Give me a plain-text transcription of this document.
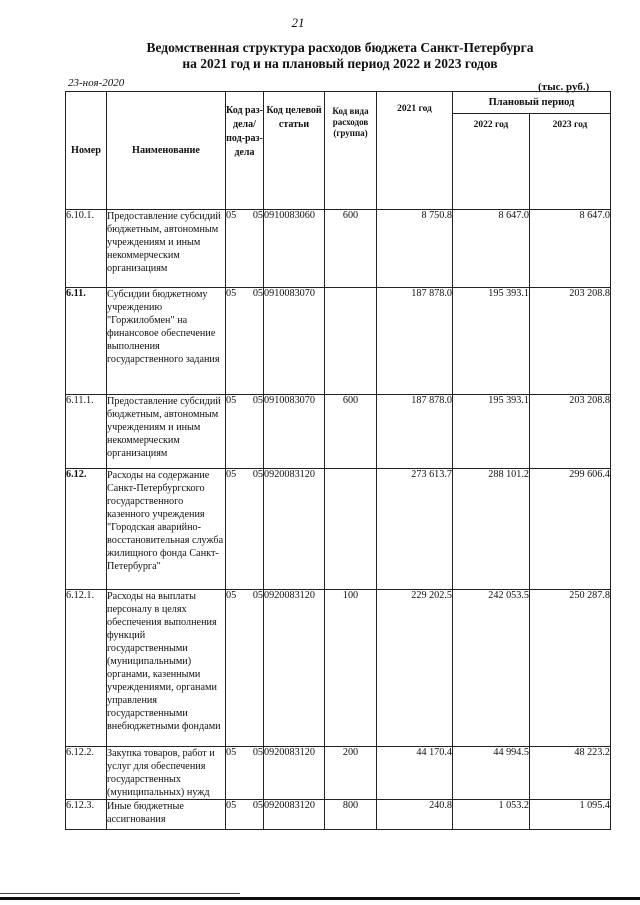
21
Ведомственная структура расходов бюджета Санкт-Петербурга
на 2021 год и на плановый период 2022 и 2023 годов
23-ноя-2020	(тыс. руб.)
Номер	Наименование	Код раз-дела/ под-раз-дела	Код целевой статьи	Код вида расходов (группа)	2021 год	Плановый период	
						2022 год	2023 год
6.10.1.	Предоставление субсидий бюджетным, автономным учреждениям и иным некоммерческим организациям	05 05	0910083060	600	8 750.8	8 647.0	8 647.0
6.11.	Субсидии бюджетному учреждению "Горжилобмен" на финансовое обеспечение выполнения государственного задания	05 05	0910083070		187 878.0	195 393.1	203 208.8
6.11.1.	Предоставление субсидий бюджетным, автономным учреждениям и иным некоммерческим организациям	05 05	0910083070	600	187 878.0	195 393.1	203 208.8
6.12.	Расходы на содержание Санкт-Петербургского государственного казенного учреждения "Городская аварийно-восстановительная служба жилищного фонда Санкт-Петербурга"	05 05	0920083120		273 613.7	288 101.2	299 606.4
6.12.1.	Расходы на выплаты персоналу в целях обеспечения выполнения функций государственными (муниципальными) органами, казенными учреждениями, органами управления государственными внебюджетными фондами	05 05	0920083120	100	229 202.5	242 053.5	250 287.8
6.12.2.	Закупка товаров, работ и услуг для обеспечения государственных (муниципальных) нужд	05 05	0920083120	200	44 170.4	44 994.5	48 223.2
6.12.3.	Иные бюджетные ассигнования	05 05	0920083120	800	240.8	1 053.2	1 095.4
